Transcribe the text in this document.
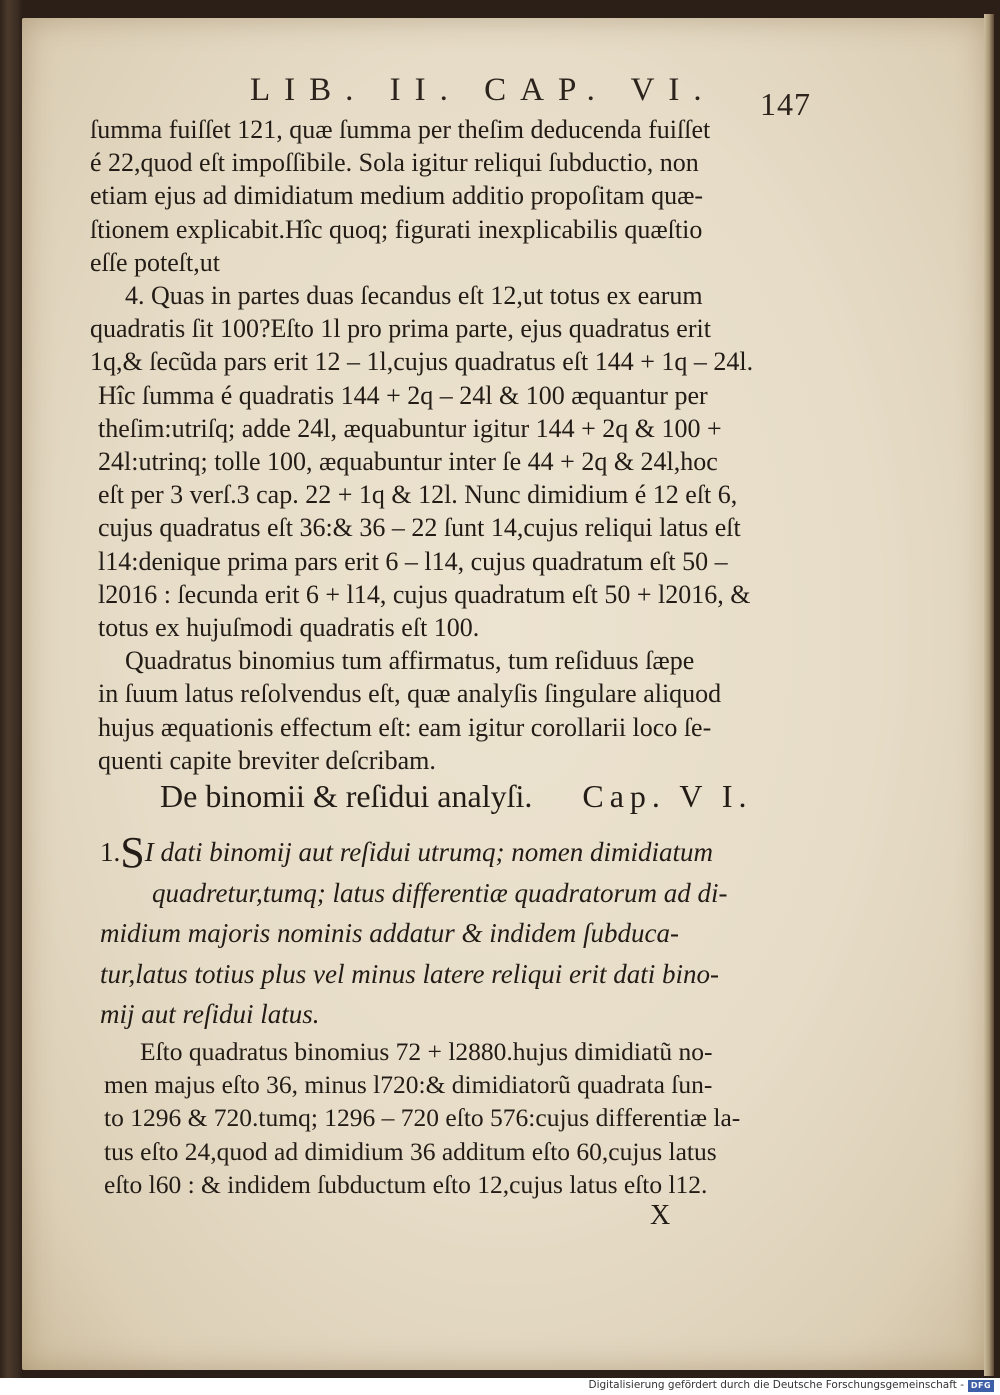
LIB. II. CAP. VI. 147
ſumma fuiſſet 121, quæ ſumma per theſim deducenda fuiſſet
é 22,quod eſt impoſſibile. Sola igitur reliqui ſubductio, non
etiam ejus ad dimidiatum medium additio propoſitam quæ-
ſtionem explicabit.Hîc quoq; figurati inexplicabilis quæſtio
eſſe poteſt,ut
4. Quas in partes duas ſecandus eſt 12,ut totus ex earum
quadratis ſit 100?Eſto 1l pro prima parte, ejus quadratus erit
1q,& ſecũda pars erit 12 – 1l,cujus quadratus eſt 144 + 1q – 24l.
Hîc ſumma é quadratis 144 + 2q – 24l & 100 æquantur per
theſim:utriſq; adde 24l, æquabuntur igitur 144 + 2q & 100 +
24l:utrinq; tolle 100, æquabuntur inter ſe 44 + 2q & 24l,hoc
eſt per 3 verſ.3 cap. 22 + 1q & 12l. Nunc dimidium é 12 eſt 6,
cujus quadratus eſt 36:& 36 – 22 ſunt 14,cujus reliqui latus eſt
l14:denique prima pars erit 6 – l14, cujus quadratum eſt 50 –
l2016 : ſecunda erit 6 + l14, cujus quadratum eſt 50 + l2016, &
totus ex hujuſmodi quadratis eſt 100.
Quadratus binomius tum affirmatus, tum reſiduus ſæpe
in ſuum latus reſolvendus eſt, quæ analyſis ſingulare aliquod
hujus æquationis effectum eſt: eam igitur corollarii loco ſe-
quenti capite breviter deſcribam.
De binomii & reſidui analyſi. Cap. V I.
1.SI dati binomij aut reſidui utrumq; nomen dimidiatum
quadretur,tumq; latus differentiæ quadratorum ad di-
midium majoris nominis addatur & indidem ſubduca-
tur,latus totius plus vel minus latere reliqui erit dati bino-
mij aut reſidui latus.
Eſto quadratus binomius 72 + l2880.hujus dimidiatũ no-
men majus eſto 36, minus l720:& dimidiatorũ quadrata ſun-
to 1296 & 720.tumq; 1296 – 720 eſto 576:cujus differentiæ la-
tus eſto 24,quod ad dimidium 36 additum eſto 60,cujus latus
eſto l60 : & indidem ſubductum eſto 12,cujus latus eſto l12.
X
Digitalisierung gefördert durch die Deutsche Forschungsgemeinschaft - DFG
